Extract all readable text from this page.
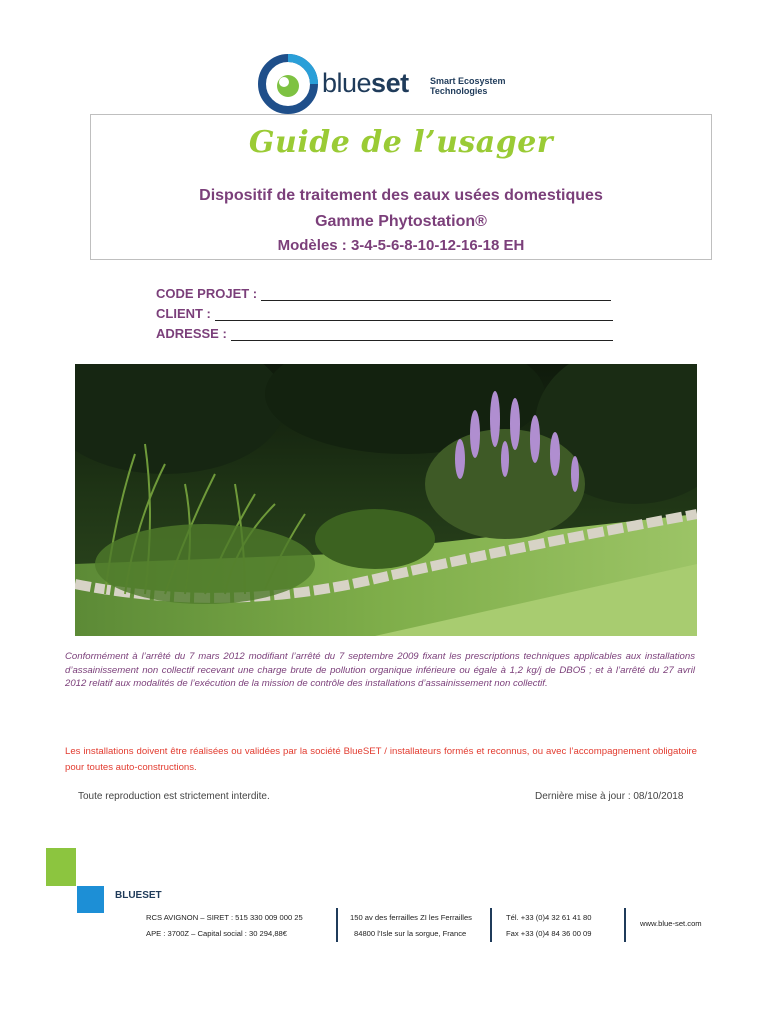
blueset Smart Ecosystem
Technologies
Guide de l’usager
Dispositif de traitement des eaux usées domestiques
Gamme Phytostation®
Modèles : 3-4-5-6-8-10-12-16-18 EH
CODE PROJET :
CLIENT :
ADRESSE :
Conformément à l’arrêté du 7 mars 2012 modifiant l’arrêté du 7 septembre 2009 fixant les prescriptions techniques applicables aux installations d’assainissement non collectif recevant une charge brute de pollution organique inférieure ou égale à 1,2 kg/j de DBO5 ; et à l’arrêté du 27 avril 2012 relatif aux modalités de l’exécution de la mission de contrôle des installations d’assainissement non collectif.
Les installations doivent être réalisées ou validées par la société BlueSET / installateurs formés et reconnus, ou avec l’accompagnement obligatoire pour toutes auto-constructions.
Toute reproduction est strictement interdite.	Dernière mise à jour : 08/10/2018
BLUESET
RCS AVIGNON – SIRET : 515 330 009 000 25
APE : 3700Z – Capital social : 30 294,88€
150 av des ferrailles ZI les Ferrailles
84800 l’Isle sur la sorgue, France
Tél. +33 (0)4 32 61 41 80
Fax +33 (0)4 84 36 00 09
www.blue-set.com
